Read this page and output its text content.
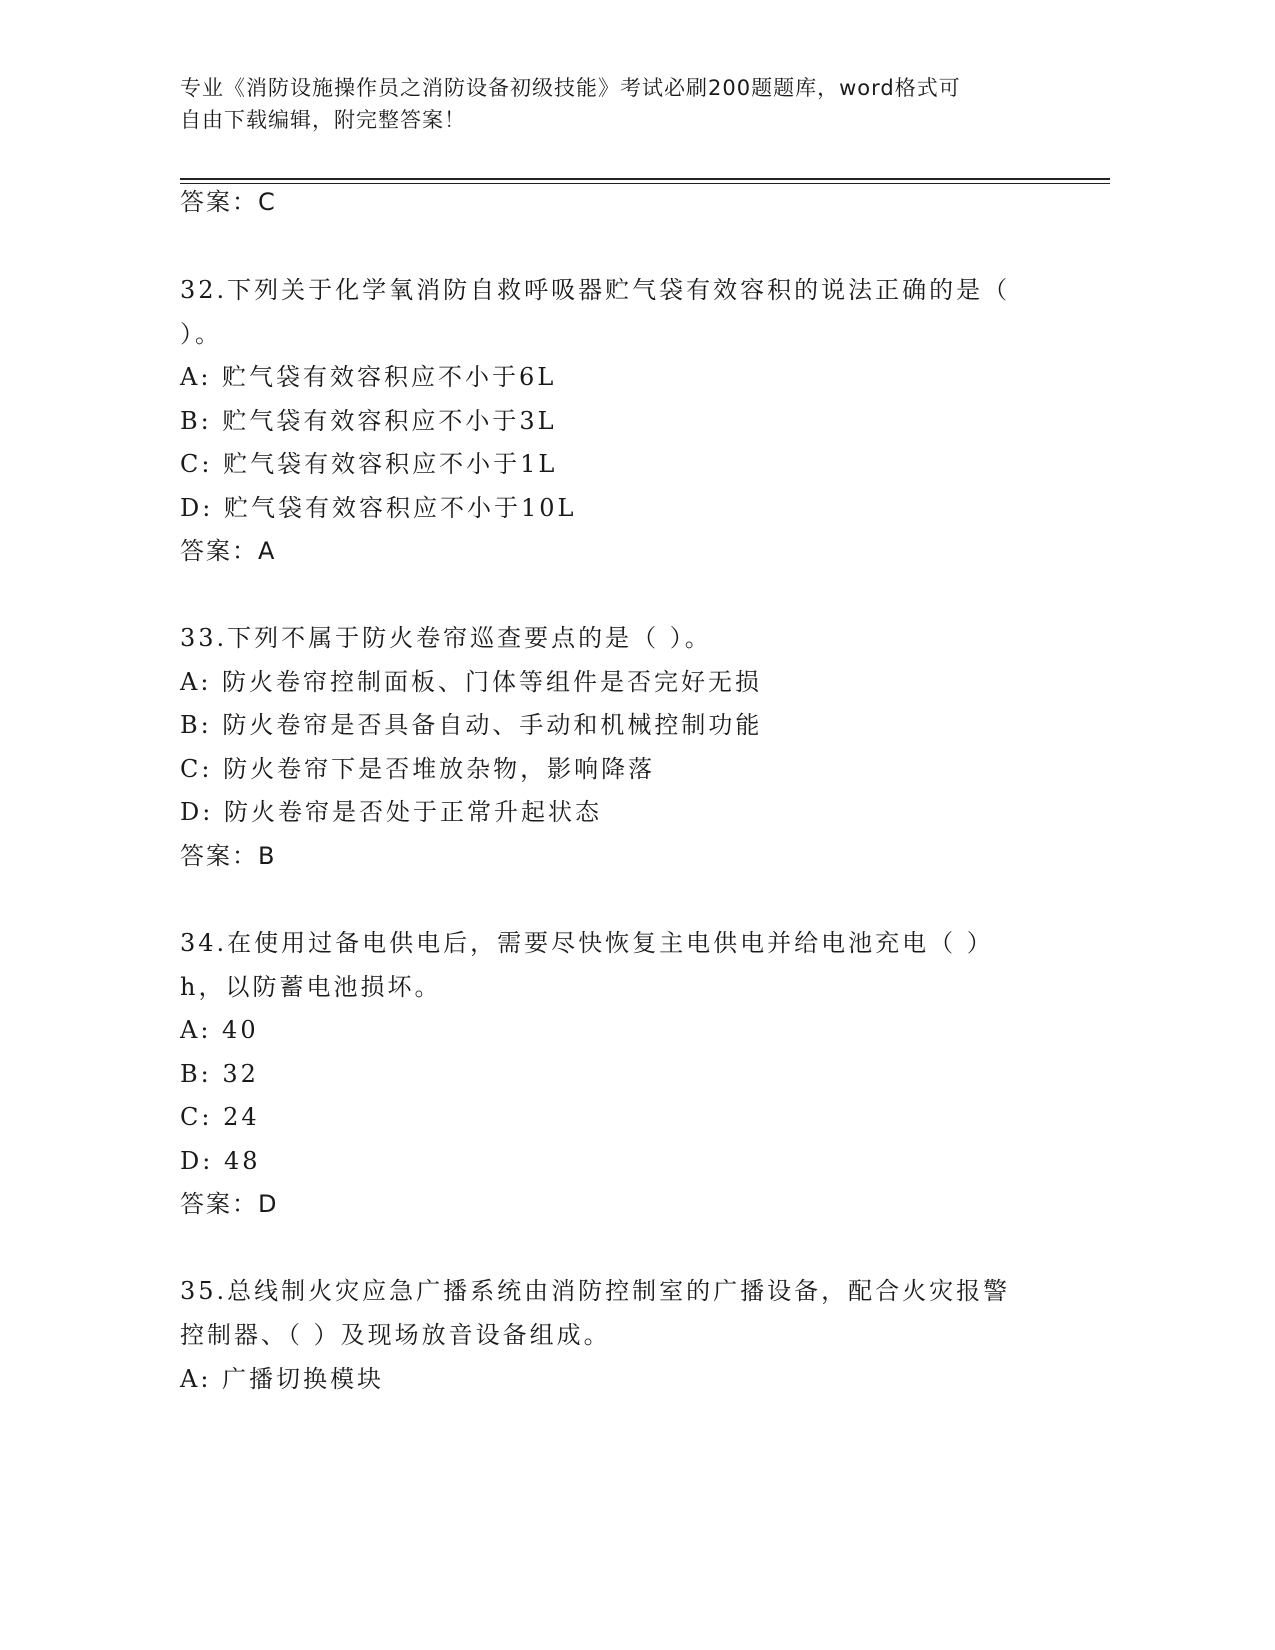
专业《消防设施操作员之消防设备初级技能》考试必刷200题题库，word格式可
自由下载编辑，附完整答案！
答案：C
32.下列关于化学氧消防自救呼吸器贮气袋有效容积的说法正确的是（
）。
A: 贮气袋有效容积应不小于6L
B: 贮气袋有效容积应不小于3L
C: 贮气袋有效容积应不小于1L
D: 贮气袋有效容积应不小于10L
答案：A
33.下列不属于防火卷帘巡查要点的是（ ）。
A: 防火卷帘控制面板、门体等组件是否完好无损
B: 防火卷帘是否具备自动、手动和机械控制功能
C: 防火卷帘下是否堆放杂物，影响降落
D: 防火卷帘是否处于正常升起状态
答案：B
34.在使用过备电供电后，需要尽快恢复主电供电并给电池充电（ ）
h，以防蓄电池损坏。
A: 40
B: 32
C: 24
D: 48
答案：D
35.总线制火灾应急广播系统由消防控制室的广播设备，配合火灾报警
控制器、（ ）及现场放音设备组成。
A: 广播切换模块
